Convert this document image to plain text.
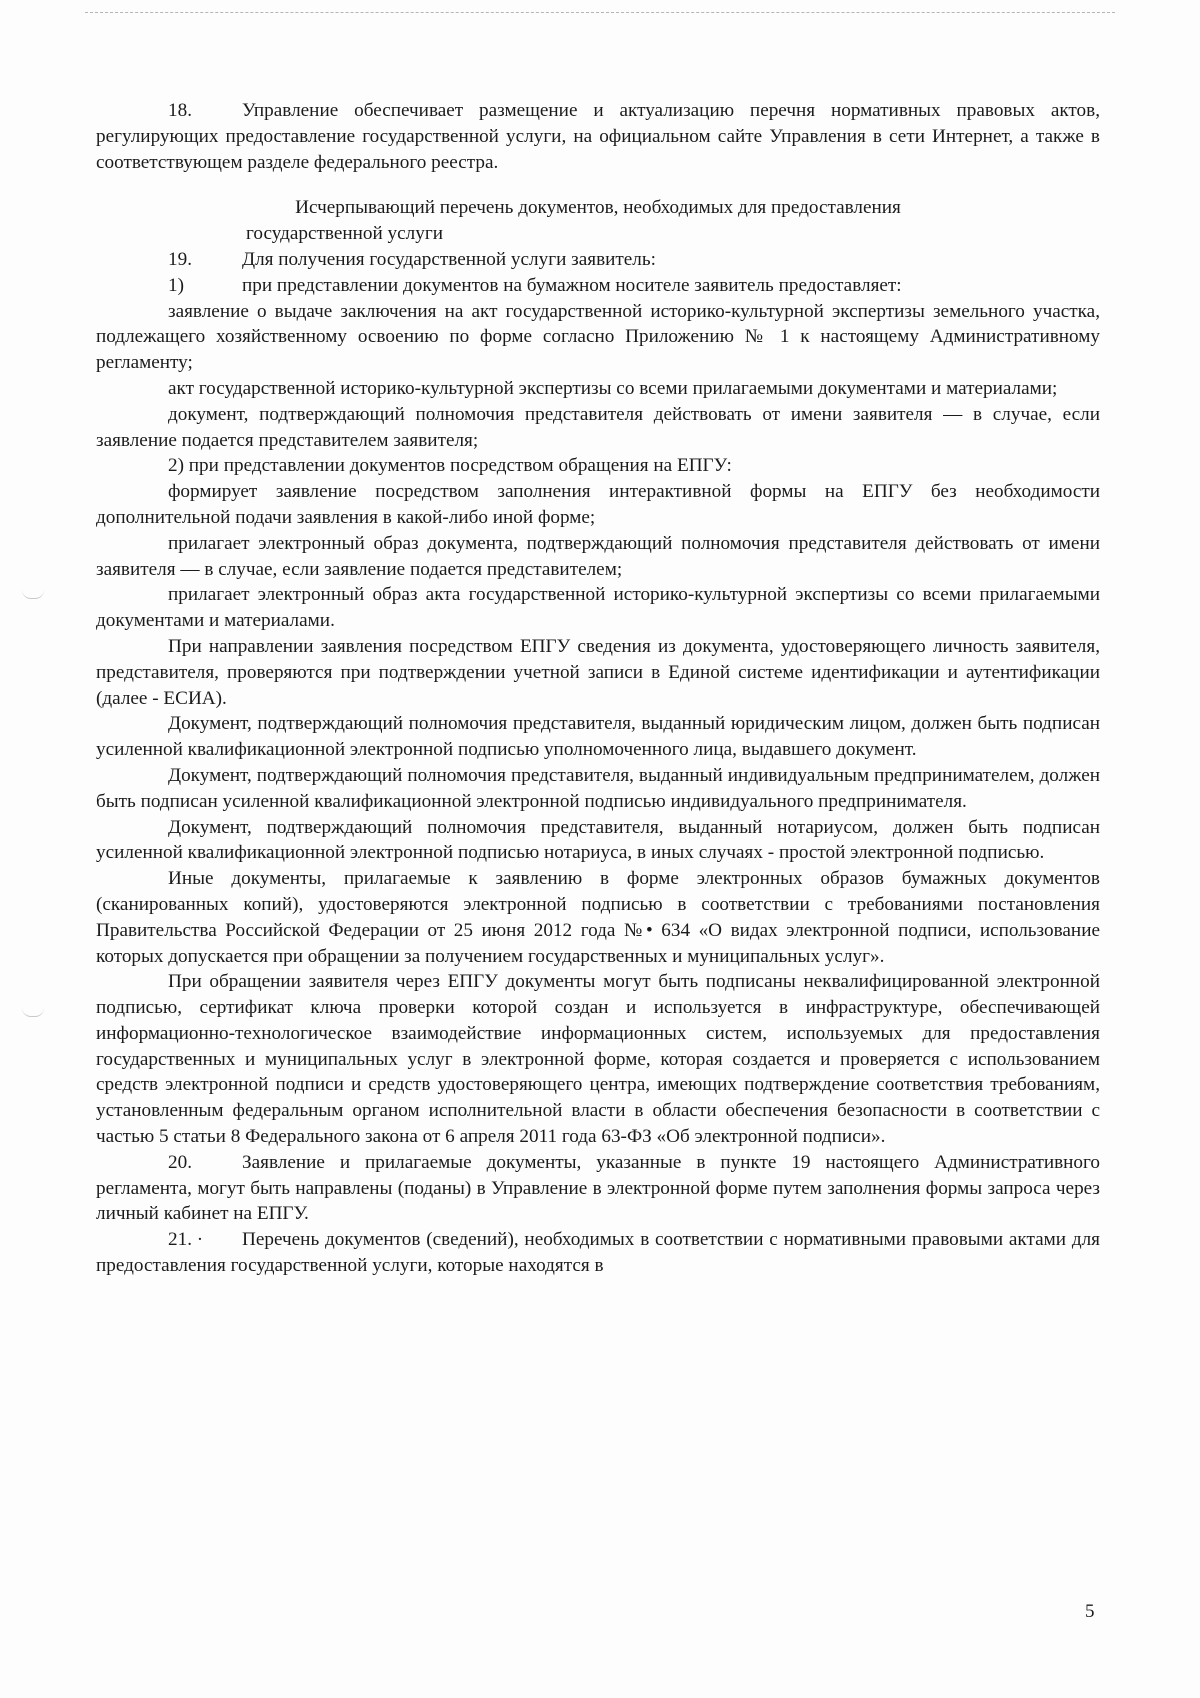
18.	Управление обеспечивает размещение и актуализацию перечня нормативных правовых актов, регулирующих предоставление государственной услуги, на официальном сайте Управления в сети Интернет, а также в соответствующем разделе федерального реестра.

Исчерпывающий перечень документов, необходимых для предоставления государственной услуги

19.	Для получения государственной услуги заявитель:

1)	при представлении документов на бумажном носителе заявитель предоставляет:

заявление о выдаче заключения на акт государственной историко-культурной экспертизы земельного участка, подлежащего хозяйственному освоению по форме согласно Приложению № 1 к настоящему Административному регламенту;

акт государственной историко-культурной экспертизы со всеми прилагаемыми документами и материалами;

документ, подтверждающий полномочия представителя действовать от имени заявителя — в случае, если заявление подается представителем заявителя;

2) при представлении документов посредством обращения на ЕПГУ:

формирует заявление посредством заполнения интерактивной формы на ЕПГУ без необходимости дополнительной подачи заявления в какой-либо иной форме;

прилагает электронный образ документа, подтверждающий полномочия представителя действовать от имени заявителя — в случае, если заявление подается представителем;

прилагает электронный образ акта государственной историко-культурной экспертизы со всеми прилагаемыми документами и материалами.

При направлении заявления посредством ЕПГУ сведения из документа, удостоверяющего личность заявителя, представителя, проверяются при подтверждении учетной записи в Единой системе идентификации и аутентификации (далее - ЕСИА).

Документ, подтверждающий полномочия представителя, выданный юридическим лицом, должен быть подписан усиленной квалификационной электронной подписью уполномоченного лица, выдавшего документ.

Документ, подтверждающий полномочия представителя, выданный индивидуальным предпринимателем, должен быть подписан усиленной квалификационной электронной подписью индивидуального предпринимателя.

Документ, подтверждающий полномочия представителя, выданный нотариусом, должен быть подписан усиленной квалификационной электронной подписью нотариуса, в иных случаях - простой электронной подписью.

Иные документы, прилагаемые к заявлению в форме электронных образов бумажных документов (сканированных копий), удостоверяются электронной подписью в соответствии с требованиями постановления Правительства Российской Федерации от 25 июня 2012 года №• 634 «О видах электронной подписи, использование которых допускается при обращении за получением государственных и муниципальных услуг».

При обращении заявителя через ЕПГУ документы могут быть подписаны неквалифицированной электронной подписью, сертификат ключа проверки которой создан и используется в инфраструктуре, обеспечивающей информационно-технологическое взаимодействие информационных систем, используемых для предоставления государственных и муниципальных услуг в электронной форме, которая создается и проверяется с использованием средств электронной подписи и средств удостоверяющего центра, имеющих подтверждение соответствия требованиям, установленным федеральным органом исполнительной власти в области обеспечения безопасности в соответствии с частью 5 статьи 8 Федерального закона от 6 апреля 2011 года 63-ФЗ «Об электронной подписи».

20.	Заявление и прилагаемые документы, указанные в пункте 19 настоящего Административного регламента, могут быть направлены (поданы) в Управление в электронной форме путем заполнения формы запроса через личный кабинет на ЕПГУ.

21. · Перечень документов (сведений), необходимых в соответствии с нормативными правовыми актами для предоставления государственной услуги, которые находятся в

5
